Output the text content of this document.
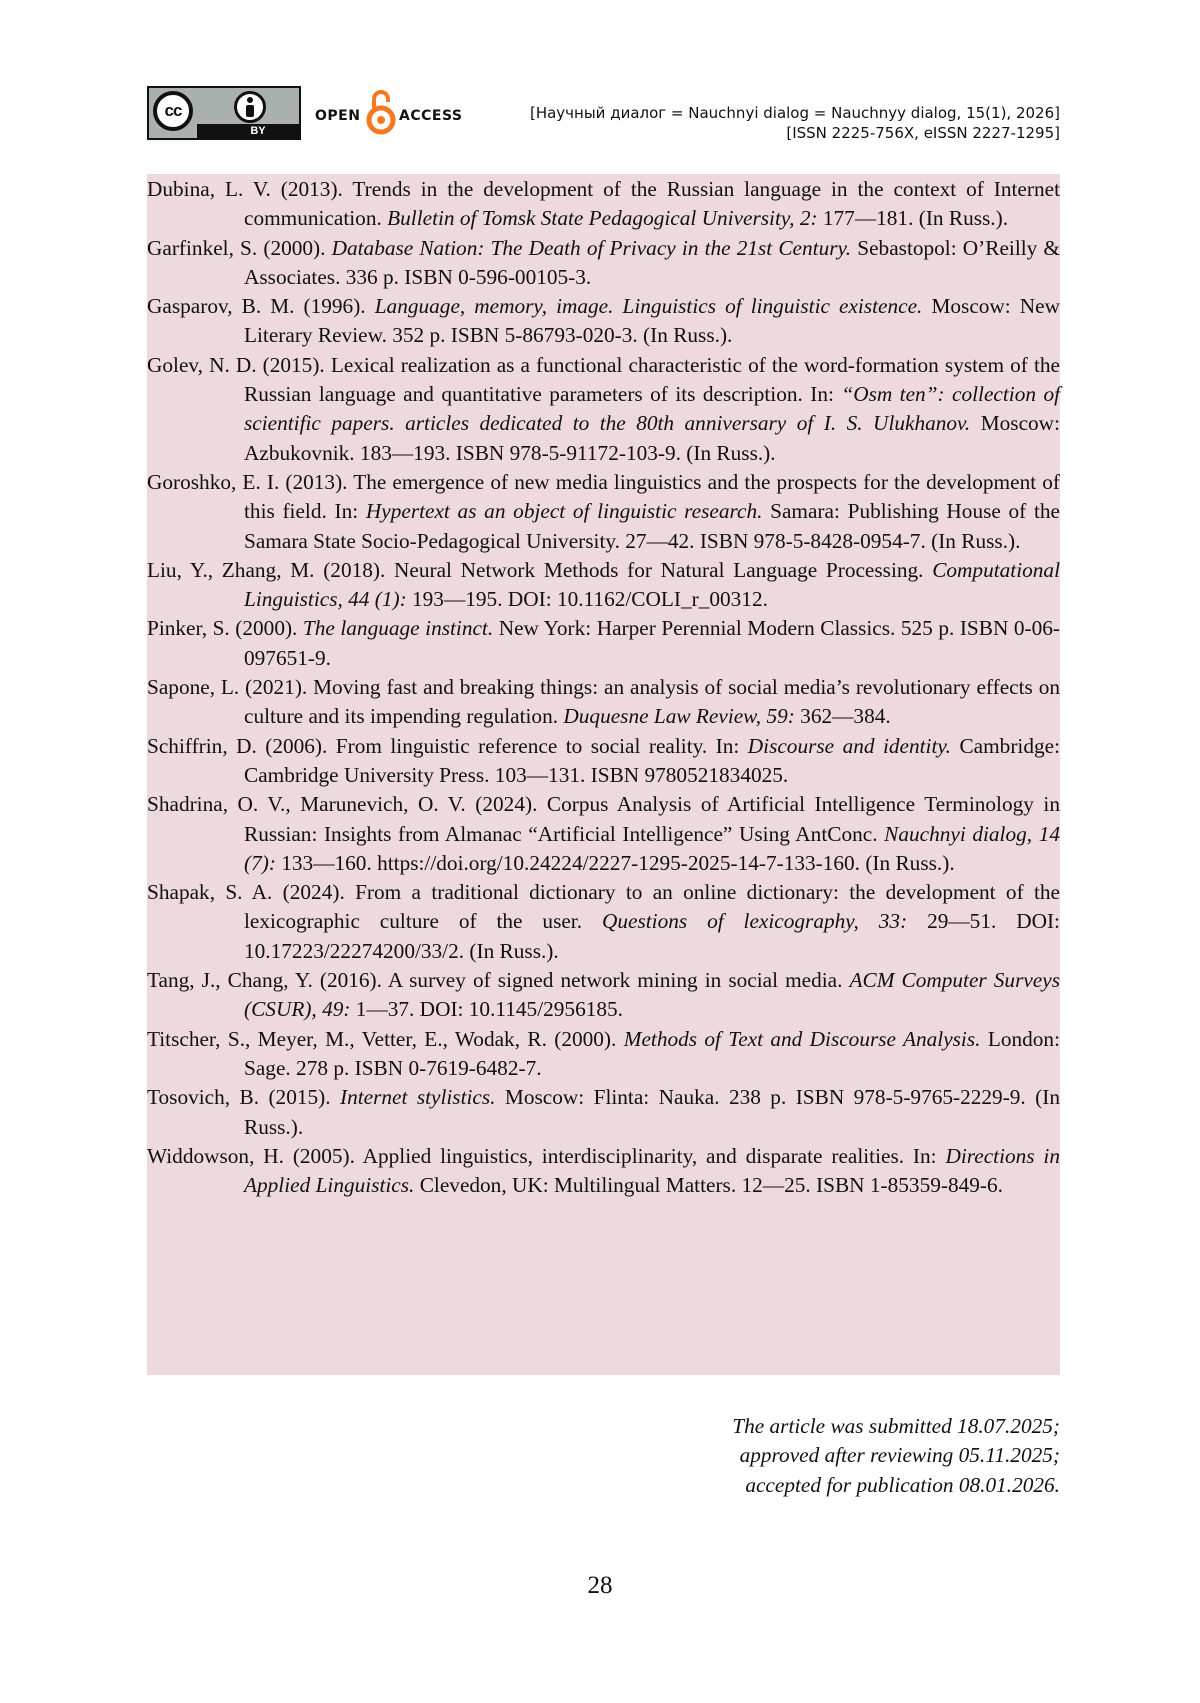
cc
BY
OPEN	ACCESS	[Научный диалог = Nauchnyi dialog = Nauchnyy dialog, 15(1), 2026]
[ISSN 2225-756X, eISSN 2227-1295]

Dubina, L. V. (2013). Trends in the development of the Russian language in the context of Internet communication. Bulletin of Tomsk State Pedagogical University, 2: 177—181. (In Russ.).

Garfinkel, S. (2000). Database Nation: The Death of Privacy in the 21st Century. Sebastopol: O’Reilly & Associates. 336 p. ISBN 0-596-00105-3.

Gasparov, B. M. (1996). Language, memory, image. Linguistics of linguistic existence. Moscow: New Literary Review. 352 p. ISBN 5-86793-020-3. (In Russ.).

Golev, N. D. (2015). Lexical realization as a functional characteristic of the word-formation system of the Russian language and quantitative parameters of its description. In: “Osm ten”: collection of scientific papers. articles dedicated to the 80th anniversary of I. S. Ulukhanov. Moscow: Azbukovnik. 183—193. ISBN 978-5-91172-103-9. (In Russ.).

Goroshko, E. I. (2013). The emergence of new media linguistics and the prospects for the development of this field. In: Hypertext as an object of linguistic research. Samara: Publishing House of the Samara State Socio-Pedagogical University. 27—42. ISBN 978-5-8428-0954-7. (In Russ.).

Liu, Y., Zhang, M. (2018). Neural Network Methods for Natural Language Processing. Computational Linguistics, 44 (1): 193—195. DOI: 10.1162/COLI_r_00312.

Pinker, S. (2000). The language instinct. New York: Harper Perennial Modern Classics. 525 p. ISBN 0-06-097651-9.

Sapone, L. (2021). Moving fast and breaking things: an analysis of social media’s revolutionary effects on culture and its impending regulation. Duquesne Law Review, 59: 362—384.

Schiffrin, D. (2006). From linguistic reference to social reality. In: Discourse and identity. Cambridge: Cambridge University Press. 103—131. ISBN 9780521834025.

Shadrina, O. V., Marunevich, O. V. (2024). Corpus Analysis of Artificial Intelligence Terminology in Russian: Insights from Almanac “Artificial Intelligence” Using AntConc. Nauchnyi dialog, 14 (7): 133—160. https://doi.org/10.24224/2227-1295-2025-14-7-133-160. (In Russ.).

Shapak, S. A. (2024). From a traditional dictionary to an online dictionary: the development of the lexicographic culture of the user. Questions of lexicography, 33: 29—51. DOI: 10.17223/22274200/33/2. (In Russ.).

Tang, J., Chang, Y. (2016). A survey of signed network mining in social media. ACM Computer Surveys (CSUR), 49: 1—37. DOI: 10.1145/2956185.

Titscher, S., Meyer, M., Vetter, E., Wodak, R. (2000). Methods of Text and Discourse Analysis. London: Sage. 278 p. ISBN 0-7619-6482-7.

Tosovich, B. (2015). Internet stylistics. Moscow: Flinta: Nauka. 238 p. ISBN 978-5-9765-2229-9. (In Russ.).

Widdowson, H. (2005). Applied linguistics, interdisciplinarity, and disparate realities. In: Directions in Applied Linguistics. Clevedon, UK: Multilingual Matters. 12—25. ISBN 1-85359-849-6.

The article was submitted 18.07.2025;
approved after reviewing 05.11.2025;
accepted for publication 08.01.2026.
28
